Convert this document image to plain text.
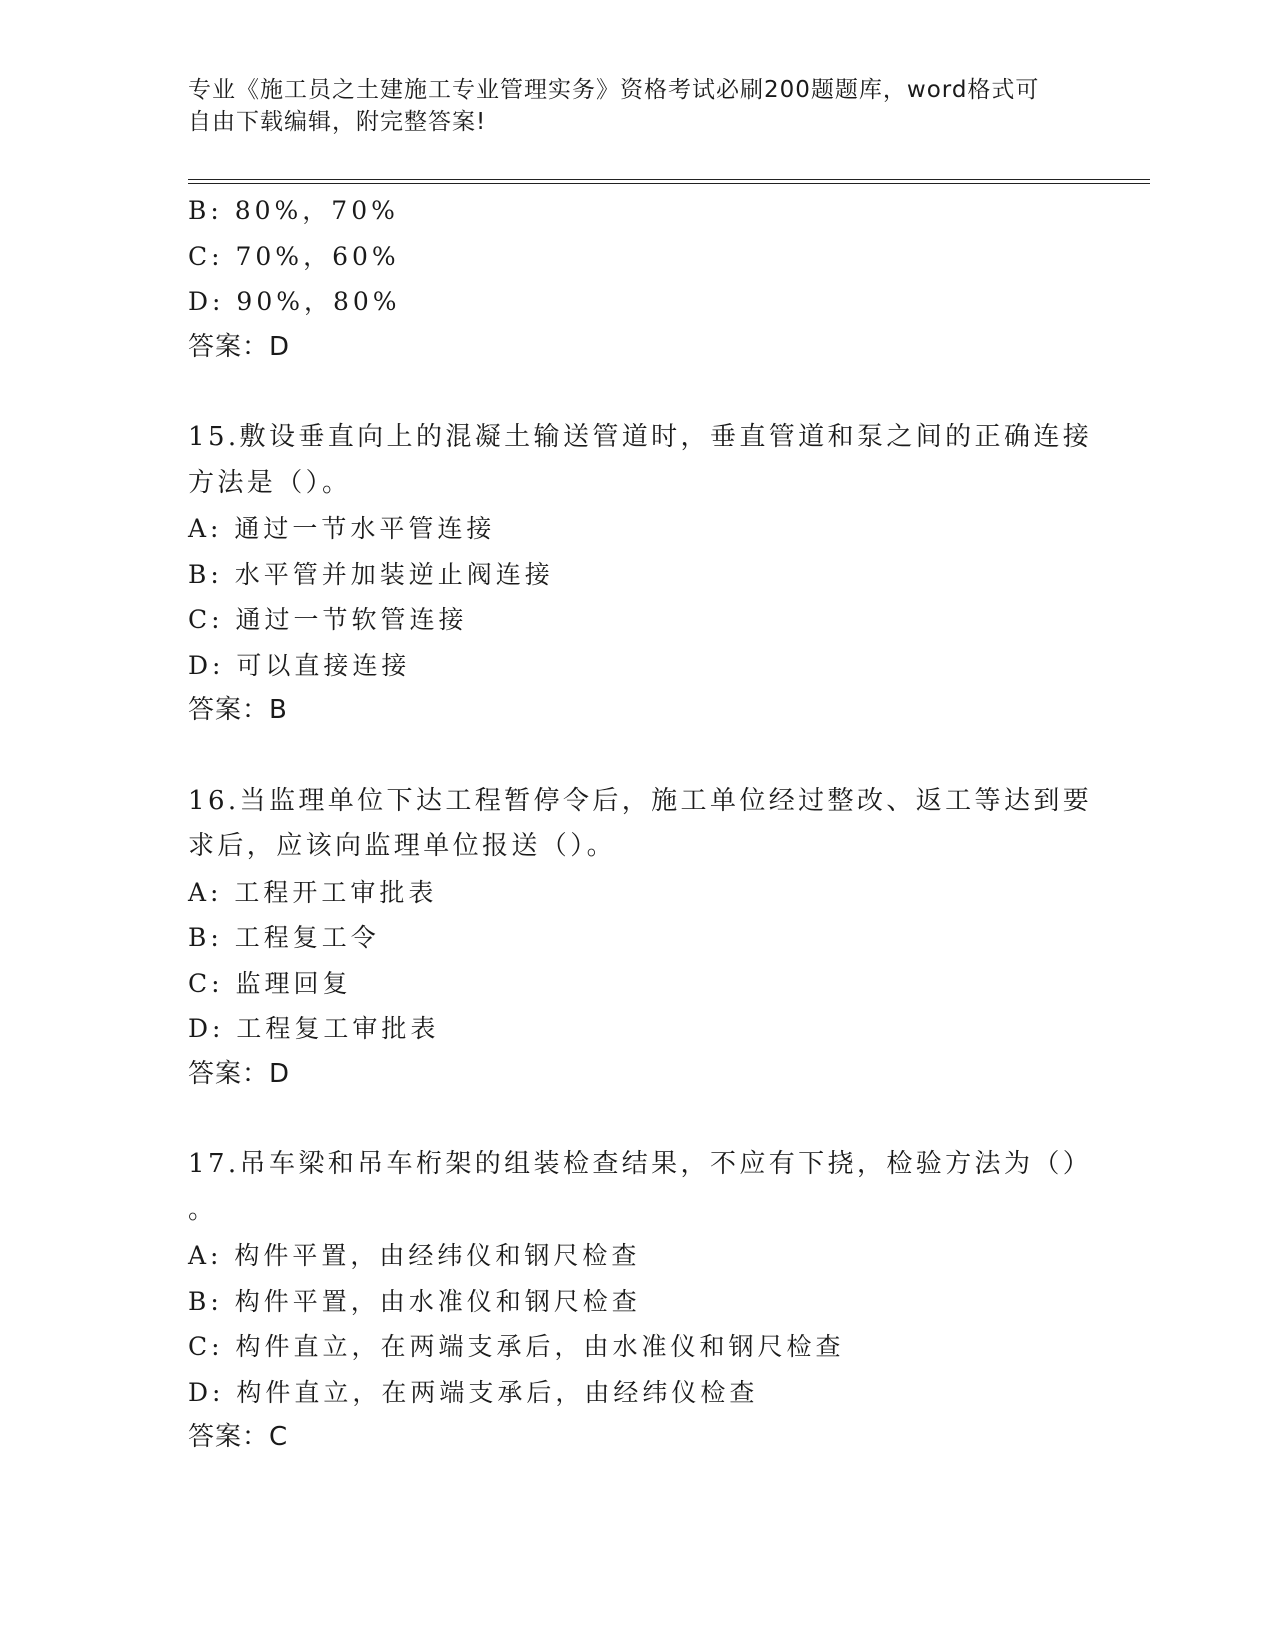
专业《施工员之土建施工专业管理实务》资格考试必刷200题题库，word格式可
自由下载编辑，附完整答案!
B: 80%，70%
C: 70%，60%
D: 90%，80%
答案：D
15.敷设垂直向上的混凝土输送管道时，垂直管道和泵之间的正确连接
方法是（）。
A: 通过一节水平管连接
B: 水平管并加装逆止阀连接
C: 通过一节软管连接
D: 可以直接连接
答案：B
16.当监理单位下达工程暂停令后，施工单位经过整改、返工等达到要
求后，应该向监理单位报送（）。
A: 工程开工审批表
B: 工程复工令
C: 监理回复
D: 工程复工审批表
答案：D
17.吊车梁和吊车桁架的组装检查结果，不应有下挠，检验方法为（）
。
A: 构件平置，由经纬仪和钢尺检查
B: 构件平置，由水准仪和钢尺检查
C: 构件直立，在两端支承后，由水准仪和钢尺检查
D: 构件直立，在两端支承后，由经纬仪检查
答案：C
